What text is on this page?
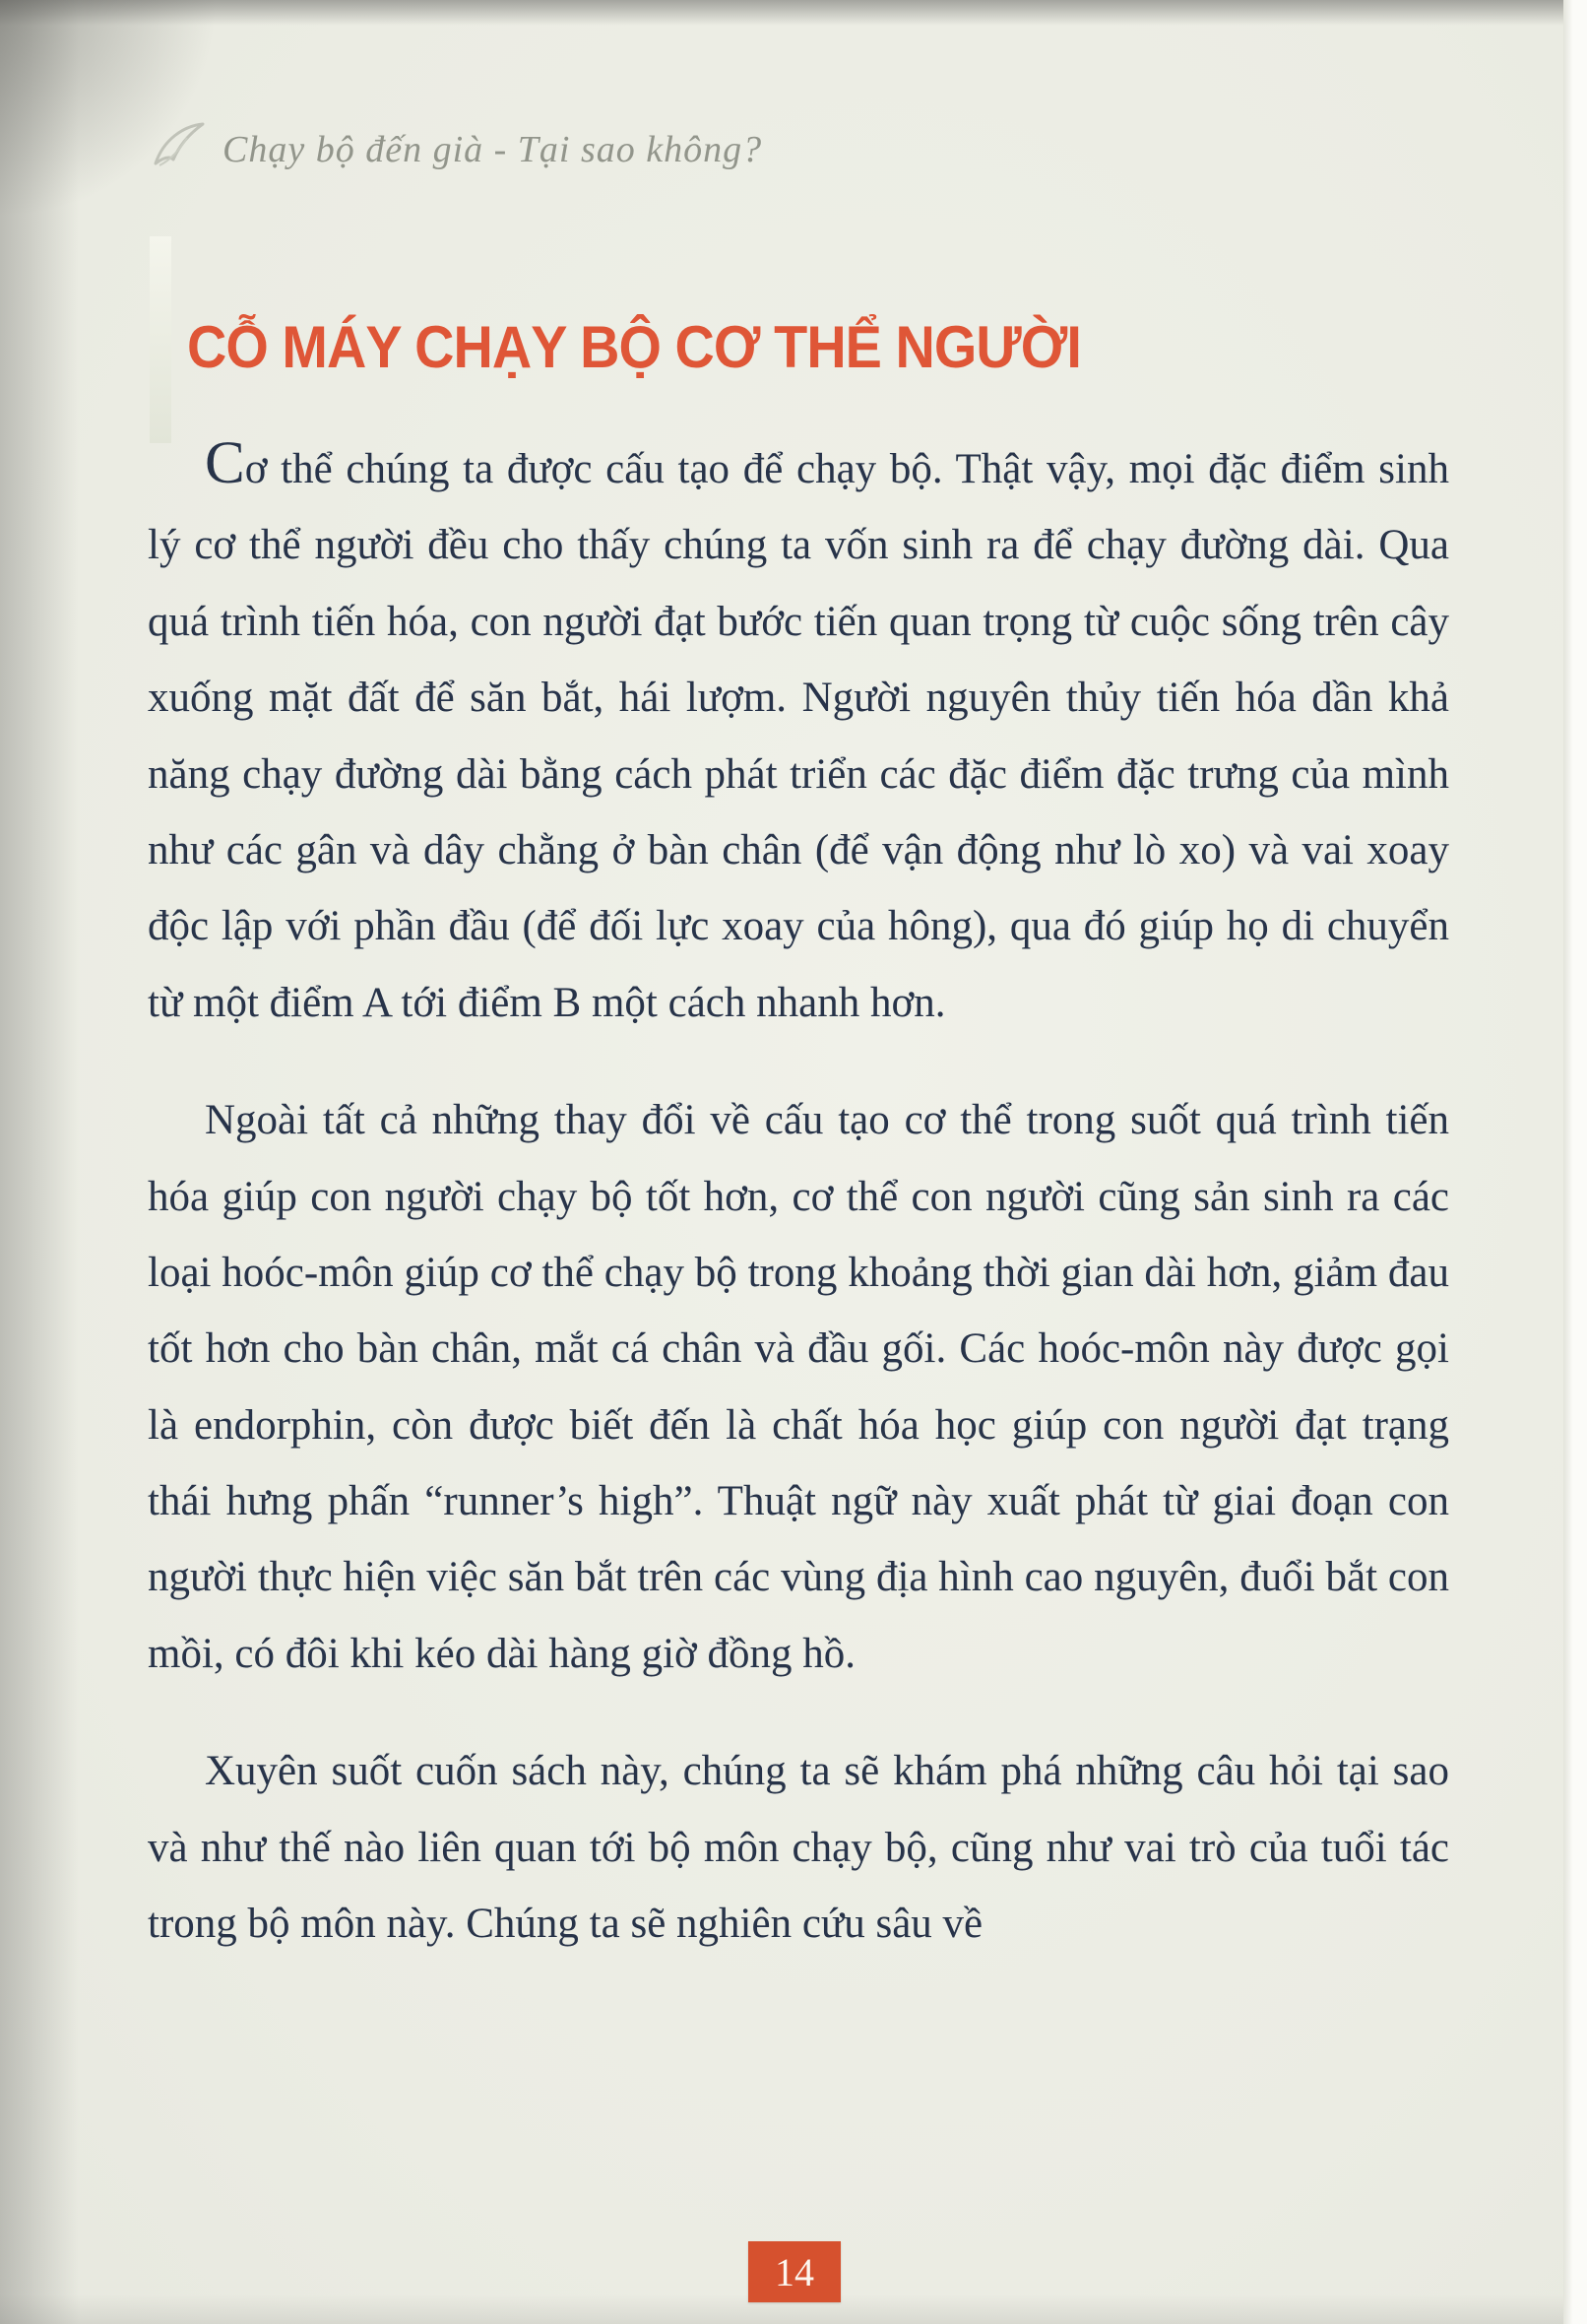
Chạy bộ đến già - Tại sao không?
CỖ MÁY CHẠY BỘ CƠ THỂ NGƯỜI

Cơ thể chúng ta được cấu tạo để chạy bộ. Thật vậy, mọi đặc điểm sinh lý cơ thể người đều cho thấy chúng ta vốn sinh ra để chạy đường dài. Qua quá trình tiến hóa, con người đạt bước tiến quan trọng từ cuộc sống trên cây xuống mặt đất để săn bắt, hái lượm. Người nguyên thủy tiến hóa dần khả năng chạy đường dài bằng cách phát triển các đặc điểm đặc trưng của mình như các gân và dây chằng ở bàn chân (để vận động như lò xo) và vai xoay độc lập với phần đầu (để đối lực xoay của hông), qua đó giúp họ di chuyển từ một điểm A tới điểm B một cách nhanh hơn.

Ngoài tất cả những thay đổi về cấu tạo cơ thể trong suốt quá trình tiến hóa giúp con người chạy bộ tốt hơn, cơ thể con người cũng sản sinh ra các loại hoóc-môn giúp cơ thể chạy bộ trong khoảng thời gian dài hơn, giảm đau tốt hơn cho bàn chân, mắt cá chân và đầu gối. Các hoóc-môn này được gọi là endorphin, còn được biết đến là chất hóa học giúp con người đạt trạng thái hưng phấn “runner’s high”. Thuật ngữ này xuất phát từ giai đoạn con người thực hiện việc săn bắt trên các vùng địa hình cao nguyên, đuổi bắt con mồi, có đôi khi kéo dài hàng giờ đồng hồ.

Xuyên suốt cuốn sách này, chúng ta sẽ khám phá những câu hỏi tại sao và như thế nào liên quan tới bộ môn chạy bộ, cũng như vai trò của tuổi tác trong bộ môn này. Chúng ta sẽ nghiên cứu sâu về

14
